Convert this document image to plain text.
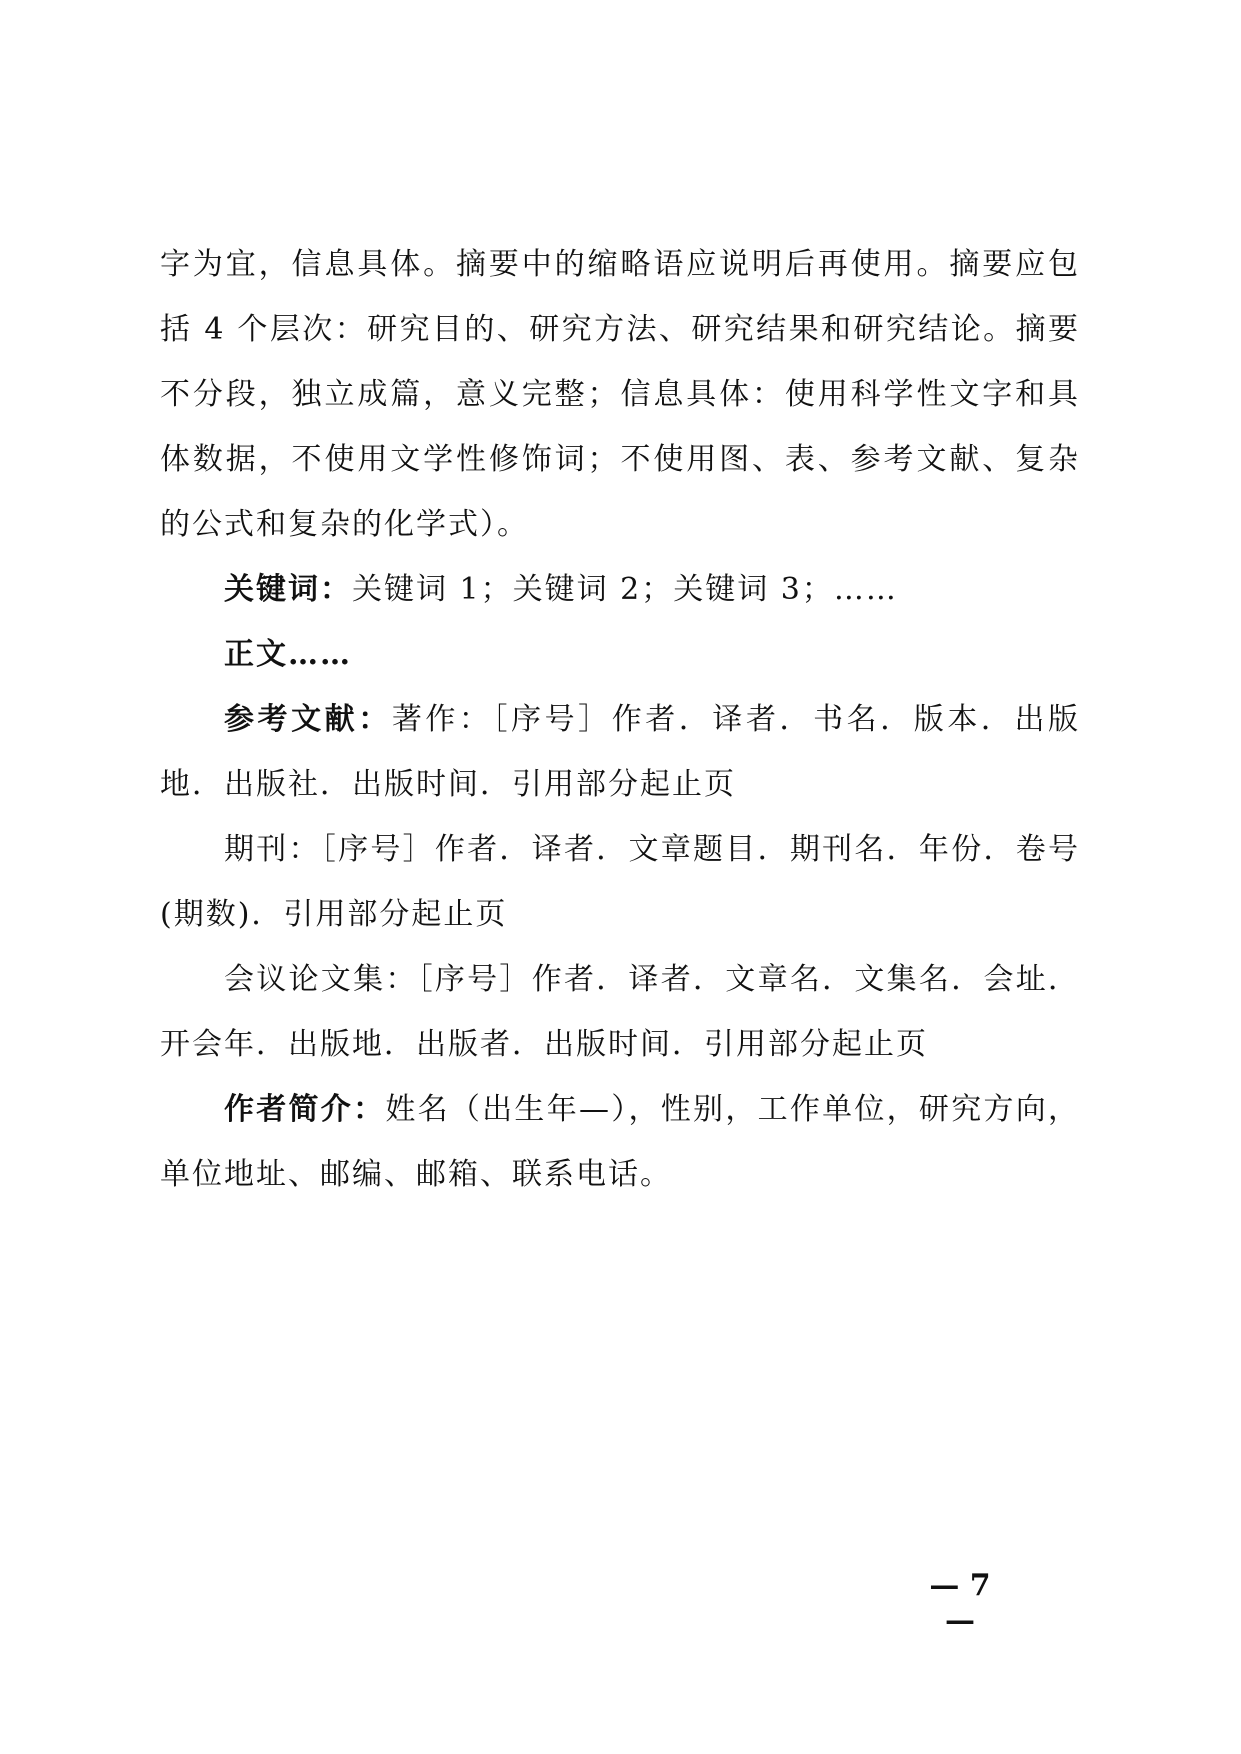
字为宜，信息具体。摘要中的缩略语应说明后再使用。摘要应包括 4 个层次：研究目的、研究方法、研究结果和研究结论。摘要不分段，独立成篇，意义完整；信息具体：使用科学性文字和具体数据，不使用文学性修饰词；不使用图、表、参考文献、复杂的公式和复杂的化学式）。

关键词：关键词 1；关键词 2；关键词 3；……

正文……

参考文献：著作：［序号］作者．译者．书名．版本．出版地．出版社．出版时间．引用部分起止页

期刊：［序号］作者．译者．文章题目．期刊名．年份．卷号(期数)．引用部分起止页

会议论文集：［序号］作者．译者．文章名．文集名．会址．开会年．出版地．出版者．出版时间．引用部分起止页

作者简介：姓名（出生年—），性别，工作单位，研究方向，单位地址、邮编、邮箱、联系电话。

— 7 —
